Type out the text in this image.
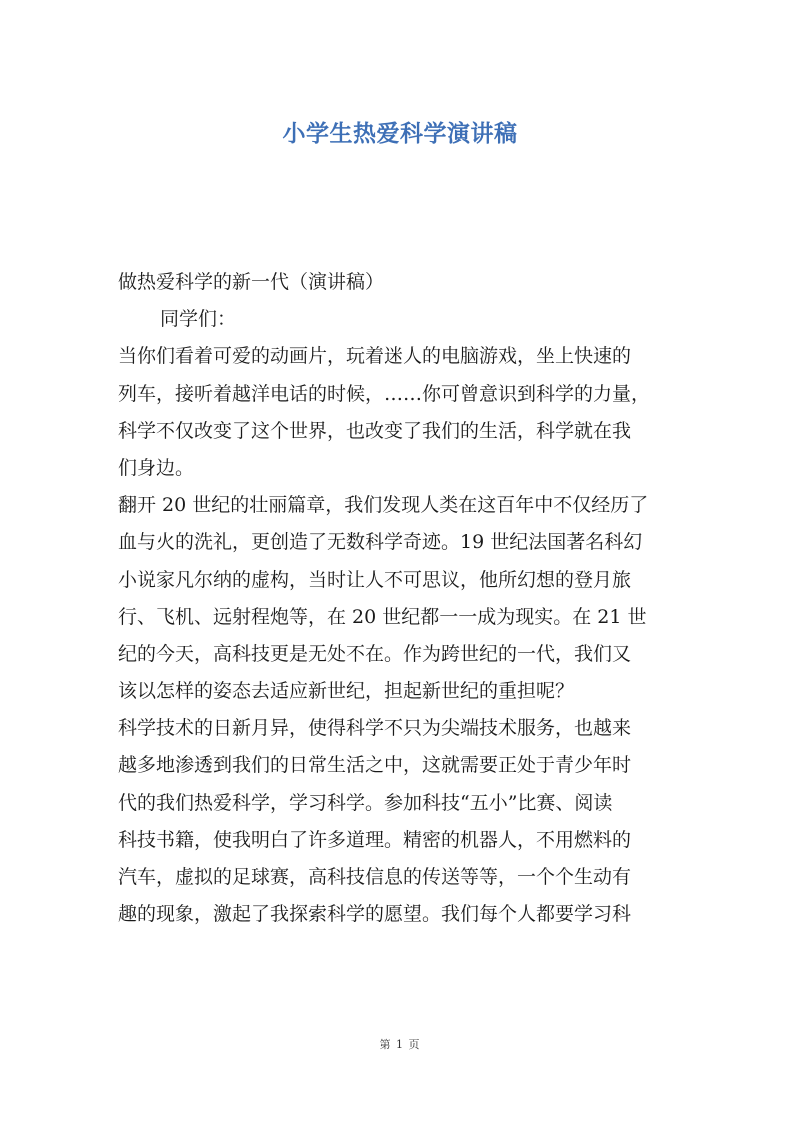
小学生热爱科学演讲稿
做热爱科学的新一代（演讲稿）
同学们：
当你们看着可爱的动画片，玩着迷人的电脑游戏，坐上快速的
列车，接听着越洋电话的时候，……你可曾意识到科学的力量，
科学不仅改变了这个世界，也改变了我们的生活，科学就在我
们身边。
翻开 20 世纪的壮丽篇章，我们发现人类在这百年中不仅经历了
血与火的洗礼，更创造了无数科学奇迹。19 世纪法国著名科幻
小说家凡尔纳的虚构，当时让人不可思议，他所幻想的登月旅
行、飞机、远射程炮等，在 20 世纪都一一成为现实。在 21 世
纪的今天，高科技更是无处不在。作为跨世纪的一代，我们又
该以怎样的姿态去适应新世纪，担起新世纪的重担呢？
科学技术的日新月异，使得科学不只为尖端技术服务，也越来
越多地渗透到我们的日常生活之中，这就需要正处于青少年时
代的我们热爱科学，学习科学。参加科技“五小”比赛、阅读
科技书籍，使我明白了许多道理。精密的机器人，不用燃料的
汽车，虚拟的足球赛，高科技信息的传送等等，一个个生动有
趣的现象，激起了我探索科学的愿望。我们每个人都要学习科
第 1 页
